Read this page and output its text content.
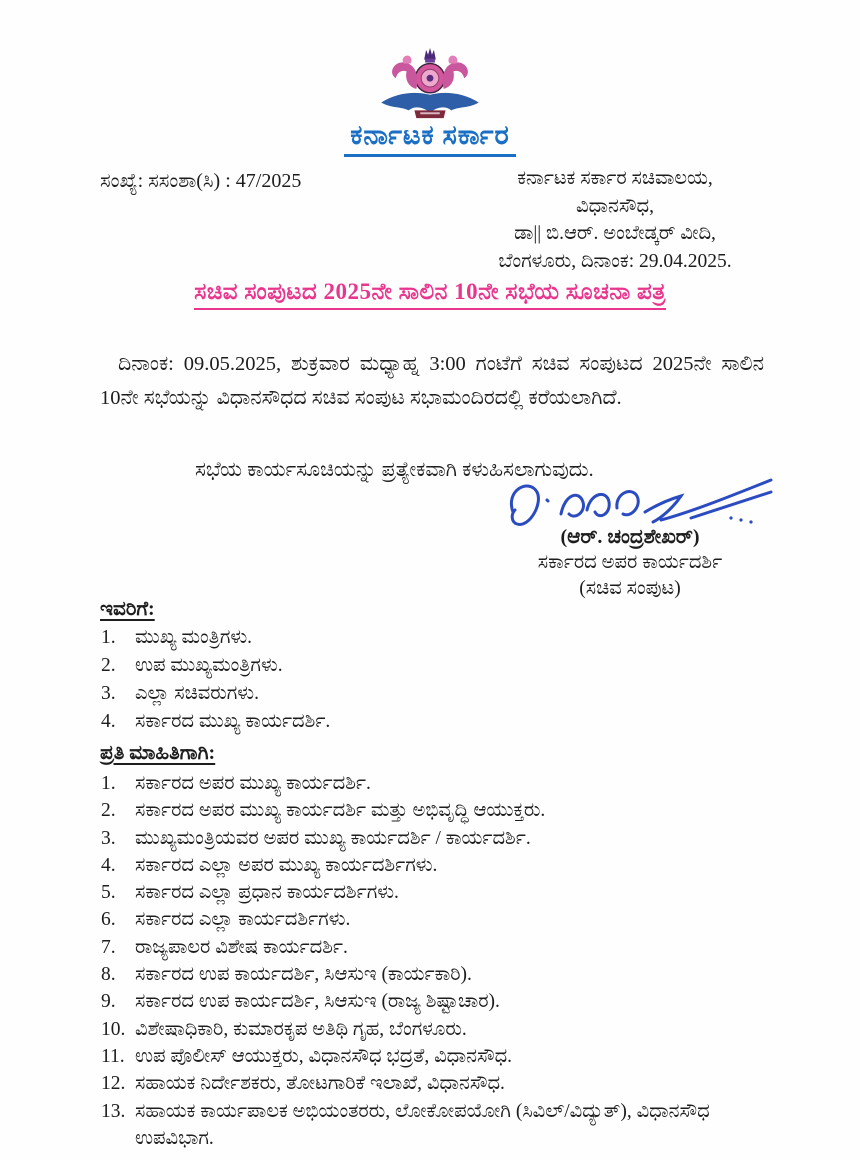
ಕರ್ನಾಟಕ ಸರ್ಕಾರ
ಸಂಖ್ಯೆ: ಸಸಂಶಾ(ಸಿ) : 47/2025	ಕರ್ನಾಟಕ ಸರ್ಕಾರ ಸಚಿವಾಲಯ,
ವಿಧಾನಸೌಧ,
ಡಾ|| ಬಿ.ಆರ್. ಅಂಬೇಡ್ಕರ್ ವೀದಿ,
ಬೆಂಗಳೂರು, ದಿನಾಂಕ: 29.04.2025.
ಸಚಿವ ಸಂಪುಟದ 2025ನೇ ಸಾಲಿನ 10ನೇ ಸಭೆಯ ಸೂಚನಾ ಪತ್ರ

ದಿನಾಂಕ: 09.05.2025, ಶುಕ್ರವಾರ ಮಧ್ಯಾಹ್ನ 3:00 ಗಂಟೆಗೆ ಸಚಿವ ಸಂಪುಟದ 2025ನೇ ಸಾಲಿನ 10ನೇ ಸಭೆಯನ್ನು ವಿಧಾನಸೌಧದ ಸಚಿವ ಸಂಪುಟ ಸಭಾಮಂದಿರದಲ್ಲಿ ಕರೆಯಲಾಗಿದೆ.

ಸಭೆಯ ಕಾರ್ಯಸೂಚಿಯನ್ನು ಪ್ರತ್ಯೇಕವಾಗಿ ಕಳುಹಿಸಲಾಗುವುದು.

(ಆರ್. ಚಂದ್ರಶೇಖರ್)
ಸರ್ಕಾರದ ಅಪರ ಕಾರ್ಯದರ್ಶಿ
(ಸಚಿವ ಸಂಪುಟ)
ಇವರಿಗೆ:
1. ಮುಖ್ಯ ಮಂತ್ರಿಗಳು.
2. ಉಪ ಮುಖ್ಯಮಂತ್ರಿಗಳು.
3. ಎಲ್ಲಾ ಸಚಿವರುಗಳು.
4. ಸರ್ಕಾರದ ಮುಖ್ಯ ಕಾರ್ಯದರ್ಶಿ.
ಪ್ರತಿ ಮಾಹಿತಿಗಾಗಿ:
1. ಸರ್ಕಾರದ ಅಪರ ಮುಖ್ಯ ಕಾರ್ಯದರ್ಶಿ.
2. ಸರ್ಕಾರದ ಅಪರ ಮುಖ್ಯ ಕಾರ್ಯದರ್ಶಿ ಮತ್ತು ಅಭಿವೃದ್ಧಿ ಆಯುಕ್ತರು.
3. ಮುಖ್ಯಮಂತ್ರಿಯವರ ಅಪರ ಮುಖ್ಯ ಕಾರ್ಯದರ್ಶಿ / ಕಾರ್ಯದರ್ಶಿ.
4. ಸರ್ಕಾರದ ಎಲ್ಲಾ ಅಪರ ಮುಖ್ಯ ಕಾರ್ಯದರ್ಶಿಗಳು.
5. ಸರ್ಕಾರದ ಎಲ್ಲಾ ಪ್ರಧಾನ ಕಾರ್ಯದರ್ಶಿಗಳು.
6. ಸರ್ಕಾರದ ಎಲ್ಲಾ ಕಾರ್ಯದರ್ಶಿಗಳು.
7. ರಾಜ್ಯಪಾಲರ ವಿಶೇಷ ಕಾರ್ಯದರ್ಶಿ.
8. ಸರ್ಕಾರದ ಉಪ ಕಾರ್ಯದರ್ಶಿ, ಸಿಆಸುಇ (ಕಾರ್ಯಕಾರಿ).
9. ಸರ್ಕಾರದ ಉಪ ಕಾರ್ಯದರ್ಶಿ, ಸಿಆಸುಇ (ರಾಜ್ಯ ಶಿಷ್ಟಾಚಾರ).
10. ವಿಶೇಷಾಧಿಕಾರಿ, ಕುಮಾರಕೃಪ ಅತಿಥಿ ಗೃಹ, ಬೆಂಗಳೂರು.
11. ಉಪ ಪೊಲೀಸ್ ಆಯುಕ್ತರು, ವಿಧಾನಸೌಧ ಭದ್ರತೆ, ವಿಧಾನಸೌಧ.
12. ಸಹಾಯಕ ನಿರ್ದೇಶಕರು, ತೋಟಗಾರಿಕೆ ಇಲಾಖೆ, ವಿಧಾನಸೌಧ.
13. ಸಹಾಯಕ ಕಾರ್ಯಪಾಲಕ ಅಭಿಯಂತರರು, ಲೋಕೋಪಯೋಗಿ (ಸಿವಿಲ್/ವಿದ್ಯುತ್), ವಿಧಾನಸೌಧ ಉಪವಿಭಾಗ.
